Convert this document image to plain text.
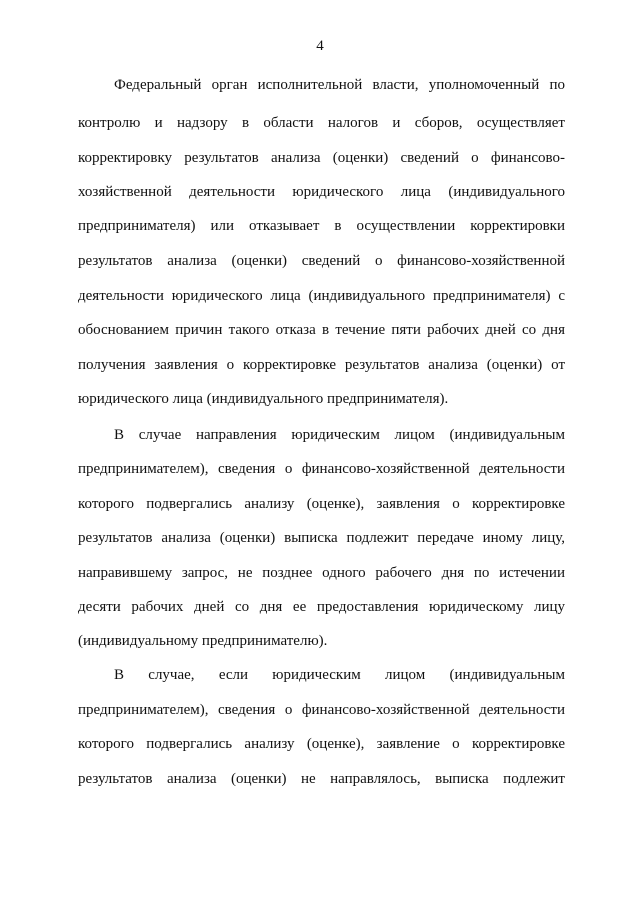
4
Федеральный орган исполнительной власти, уполномоченный по
контролю и надзору в области налогов и сборов, осуществляет
корректировку результатов анализа (оценки) сведений о финансово-
хозяйственной деятельности юридического лица (индивидуального
предпринимателя) или отказывает в осуществлении корректировки
результатов анализа (оценки) сведений о финансово-хозяйственной
деятельности юридического лица (индивидуального предпринимателя) с
обоснованием причин такого отказа в течение пяти рабочих дней со дня
получения заявления о корректировке результатов анализа (оценки) от
юридического лица (индивидуального предпринимателя).
В случае направления юридическим лицом (индивидуальным
предпринимателем), сведения о финансово-хозяйственной деятельности
которого подвергались анализу (оценке), заявления о корректировке
результатов анализа (оценки) выписка подлежит передаче иному лицу,
направившему запрос, не позднее одного рабочего дня по истечении
десяти рабочих дней со дня ее предоставления юридическому лицу
(индивидуальному предпринимателю).
В случае, если юридическим лицом (индивидуальным
предпринимателем), сведения о финансово-хозяйственной деятельности
которого подвергались анализу (оценке), заявление о корректировке
результатов анализа (оценки) не направлялось, выписка подлежит
